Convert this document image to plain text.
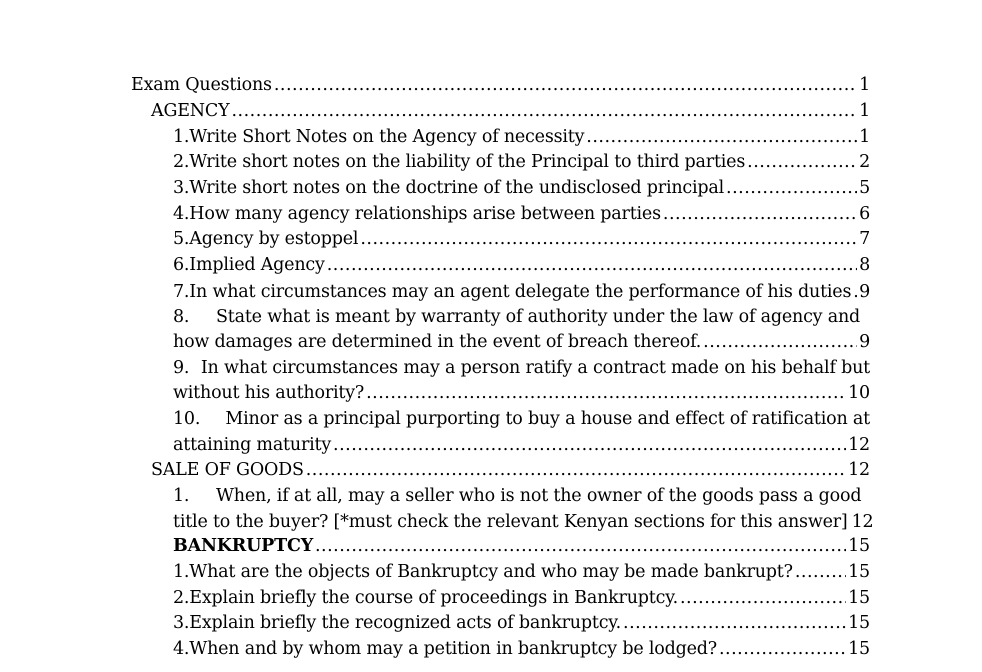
Exam Questions .....	1
AGENCY .....	1
1. Write Short Notes on the Agency of necessity .....	1
2. Write short notes on the liability of the Principal to third parties .....	2
3. Write short notes on the doctrine of the undisclosed principal .....	5
4. How many agency relationships arise between parties .....	6
5. Agency by estoppel .....	7
6. Implied Agency .....	8
7. In what circumstances may an agent delegate the performance of his duties ..... 9
8.	State what is meant by warranty of authority under the law of agency and
how damages are determined in the event of breach thereof. .....	9
9. In what circumstances may a person ratify a contract made on his behalf but
without his authority? .....	10
10.	Minor as a principal purporting to buy a house and effect of ratification at
attaining maturity .....	12
SALE OF GOODS .....	12
1.	When, if at all, may a seller who is not the owner of the goods pass a good
title to the buyer? [*must check the relevant Kenyan sections for this answer] 12
BANKRUPTCY .....	15
1. What are the objects of Bankruptcy and who may be made bankrupt? .....	15
2. Explain briefly the course of proceedings in Bankruptcy. .....	15
3. Explain briefly the recognized acts of bankruptcy. .....	15
4. When and by whom may a petition in bankruptcy be lodged? .....	15
